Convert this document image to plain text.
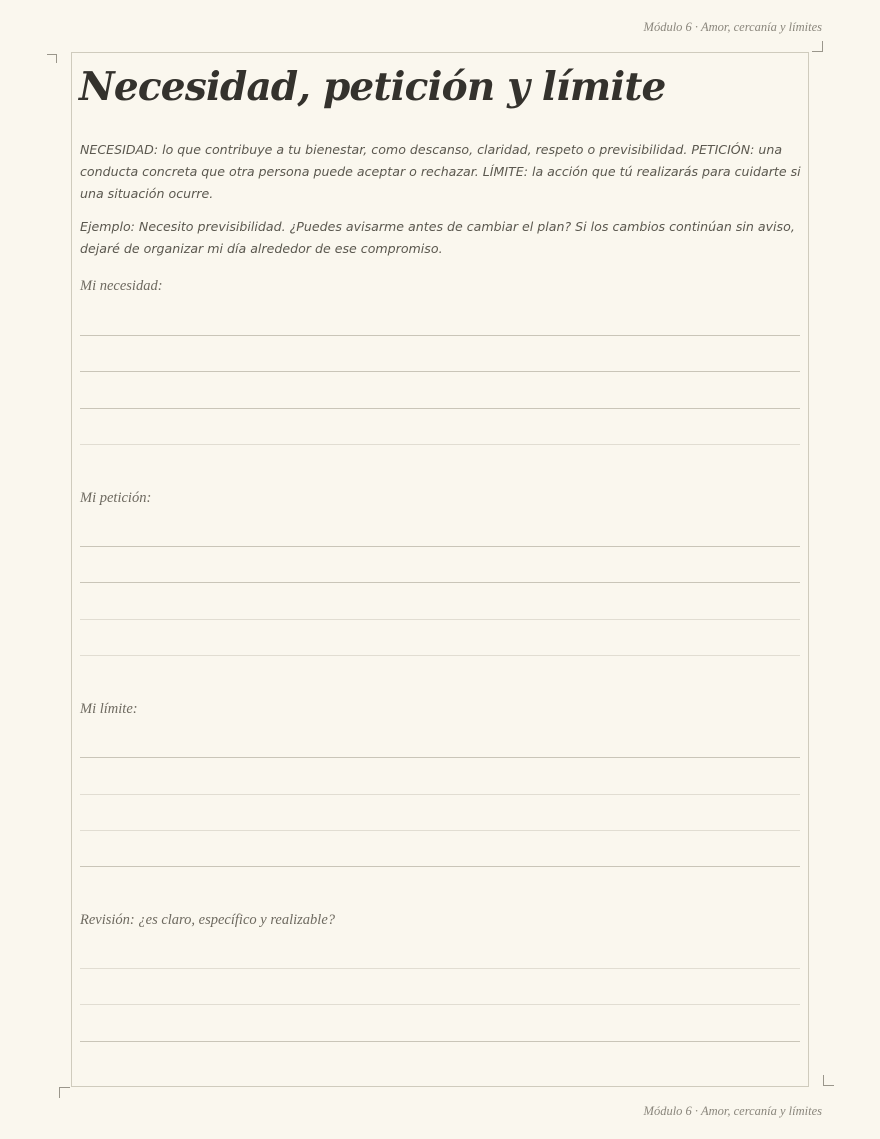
Módulo 6 · Amor, cercanía y límites
Necesidad, petición y límite

NECESIDAD: lo que contribuye a tu bienestar, como descanso, claridad, respeto o previsibilidad. PETICIÓN: una conducta concreta que otra persona puede aceptar o rechazar. LÍMITE: la acción que tú realizarás para cuidarte si una situación ocurre.

Ejemplo: Necesito previsibilidad. ¿Puedes avisarme antes de cambiar el plan? Si los cambios continúan sin aviso, dejaré de organizar mi día alrededor de ese compromiso.

Mi necesidad:
Mi petición:
Mi límite:
Revisión: ¿es claro, específico y realizable?
Módulo 6 · Amor, cercanía y límites
